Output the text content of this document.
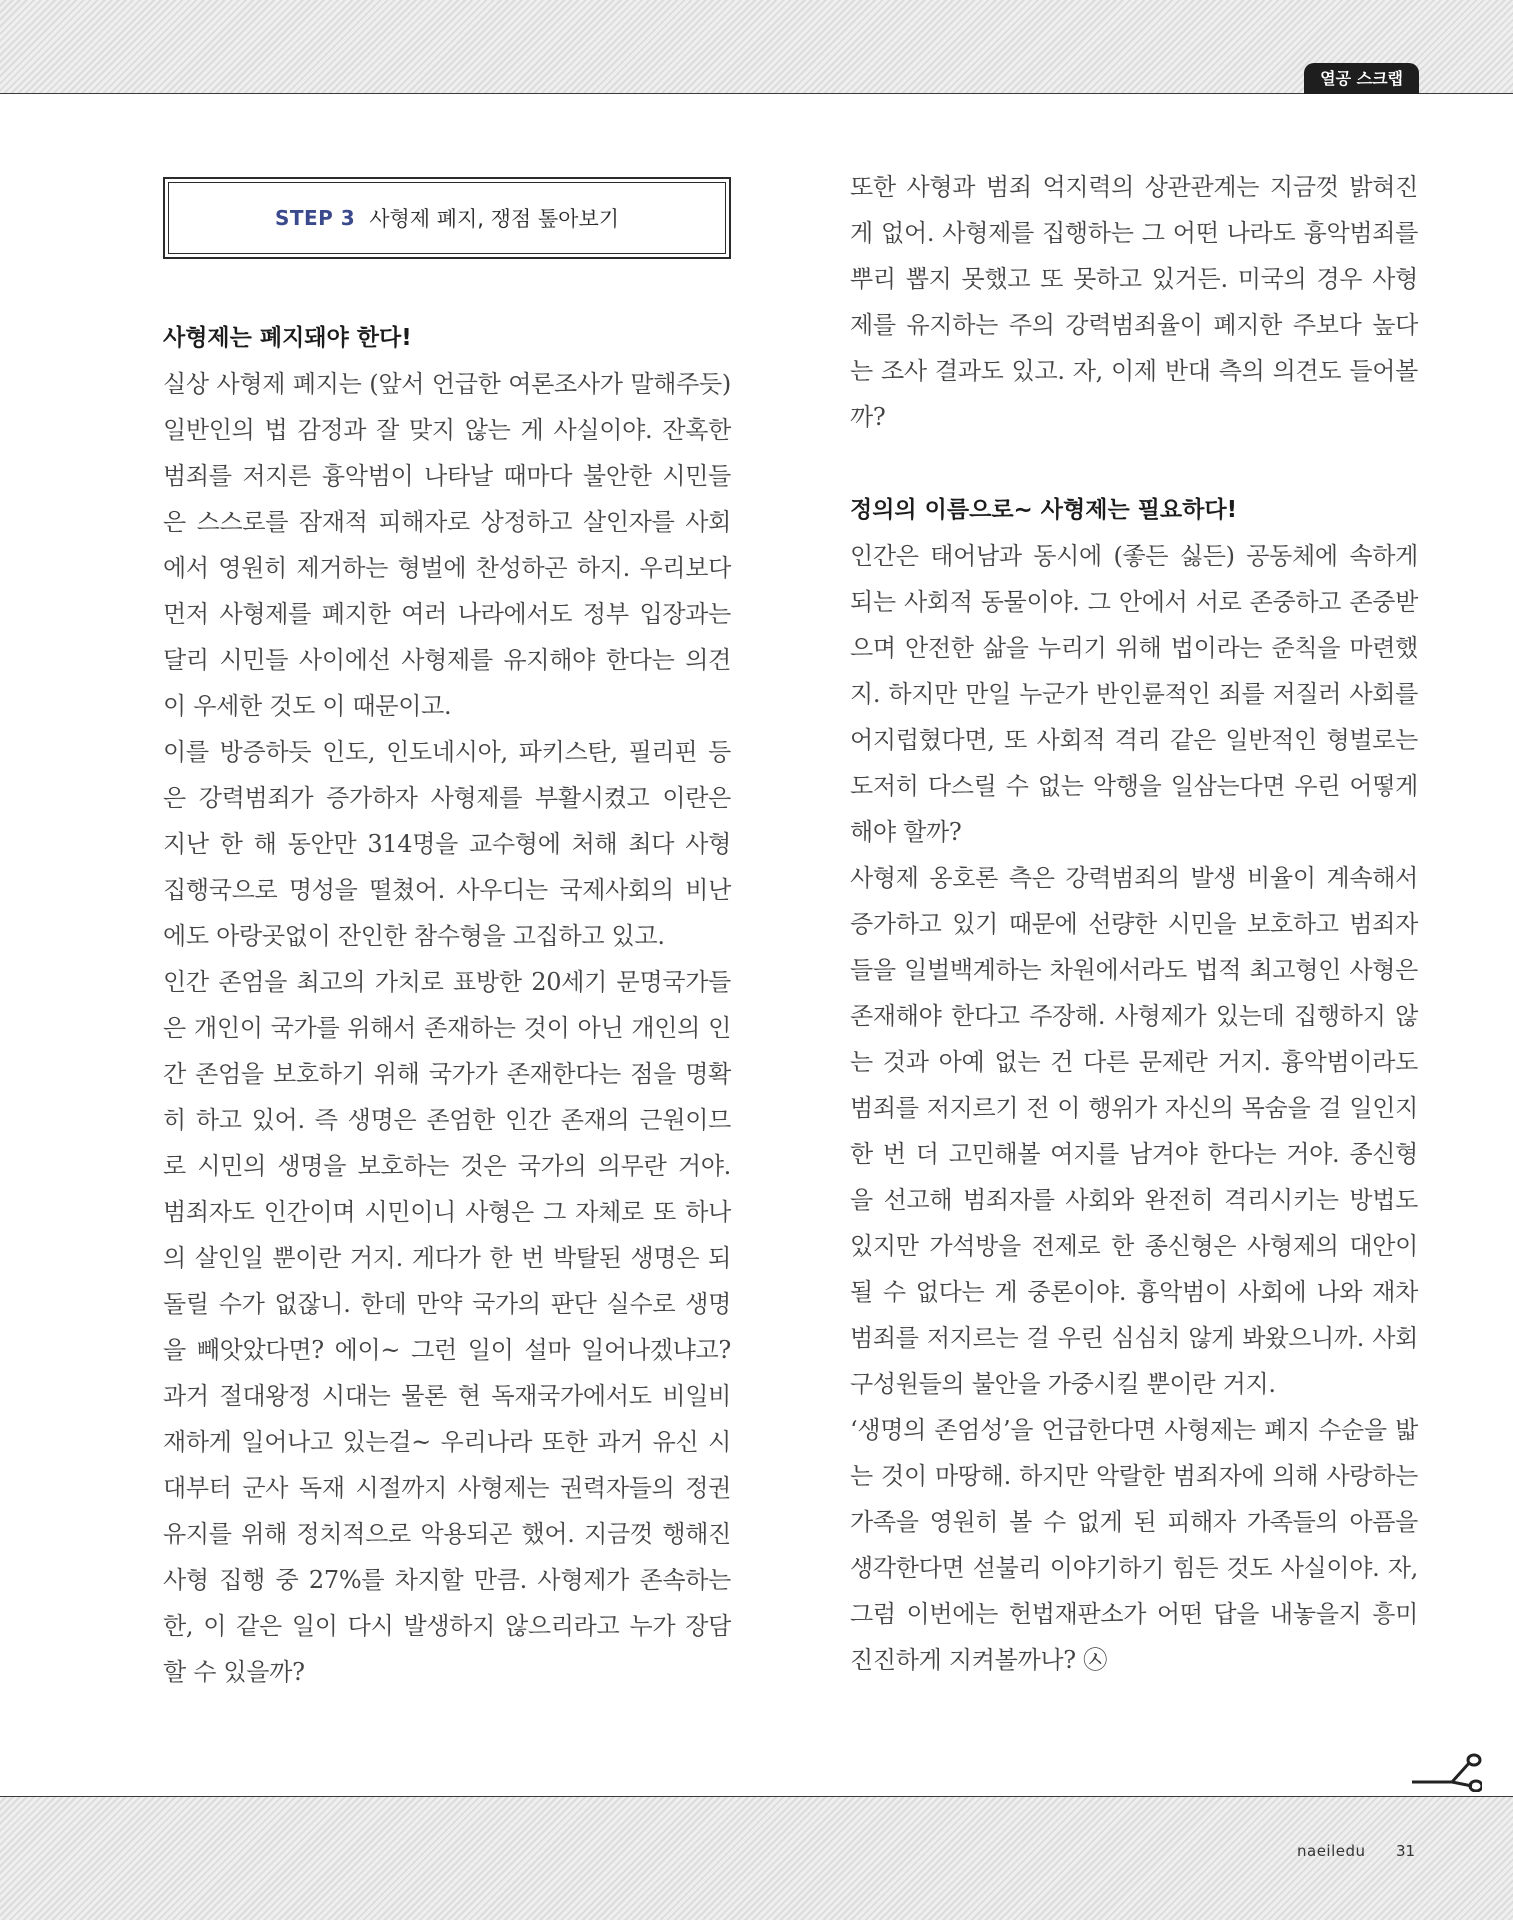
열공 스크랩
STEP 3 사형제 폐지, 쟁점 톺아보기
사형제는 폐지돼야 한다!

실상 사형제 폐지는 (앞서 언급한 여론조사가 말해주듯) 일반인의 법 감정과 잘 맞지 않는 게 사실이야. 잔혹한 범죄를 저지른 흉악범이 나타날 때마다 불안한 시민들은 스스로를 잠재적 피해자로 상정하고 살인자를 사회에서 영원히 제거하는 형벌에 찬성하곤 하지. 우리보다 먼저 사형제를 폐지한 여러 나라에서도 정부 입장과는 달리 시민들 사이에선 사형제를 유지해야 한다는 의견이 우세한 것도 이 때문이고.

이를 방증하듯 인도, 인도네시아, 파키스탄, 필리핀 등은 강력범죄가 증가하자 사형제를 부활시켰고 이란은 지난 한 해 동안만 314명을 교수형에 처해 최다 사형 집행국으로 명성을 떨쳤어. 사우디는 국제사회의 비난에도 아랑곳없이 잔인한 참수형을 고집하고 있고.

인간 존엄을 최고의 가치로 표방한 20세기 문명국가들은 개인이 국가를 위해서 존재하는 것이 아닌 개인의 인간 존엄을 보호하기 위해 국가가 존재한다는 점을 명확히 하고 있어. 즉 생명은 존엄한 인간 존재의 근원이므로 시민의 생명을 보호하는 것은 국가의 의무란 거야. 범죄자도 인간이며 시민이니 사형은 그 자체로 또 하나의 살인일 뿐이란 거지. 게다가 한 번 박탈된 생명은 되돌릴 수가 없잖니. 한데 만약 국가의 판단 실수로 생명을 빼앗았다면? 에이~ 그런 일이 설마 일어나겠냐고? 과거 절대왕정 시대는 물론 현 독재국가에서도 비일비재하게 일어나고 있는걸~ 우리나라 또한 과거 유신 시대부터 군사 독재 시절까지 사형제는 권력자들의 정권 유지를 위해 정치적으로 악용되곤 했어. 지금껏 행해진 사형 집행 중 27%를 차지할 만큼. 사형제가 존속하는 한, 이 같은 일이 다시 발생하지 않으리라고 누가 장담할 수 있을까?

또한 사형과 범죄 억지력의 상관관계는 지금껏 밝혀진 게 없어. 사형제를 집행하는 그 어떤 나라도 흉악범죄를 뿌리 뽑지 못했고 또 못하고 있거든. 미국의 경우 사형제를 유지하는 주의 강력범죄율이 폐지한 주보다 높다는 조사 결과도 있고. 자, 이제 반대 측의 의견도 들어볼까?

정의의 이름으로~ 사형제는 필요하다!

인간은 태어남과 동시에 (좋든 싫든) 공동체에 속하게 되는 사회적 동물이야. 그 안에서 서로 존중하고 존중받으며 안전한 삶을 누리기 위해 법이라는 준칙을 마련했지. 하지만 만일 누군가 반인륜적인 죄를 저질러 사회를 어지럽혔다면, 또 사회적 격리 같은 일반적인 형벌로는 도저히 다스릴 수 없는 악행을 일삼는다면 우린 어떻게 해야 할까?

사형제 옹호론 측은 강력범죄의 발생 비율이 계속해서 증가하고 있기 때문에 선량한 시민을 보호하고 범죄자들을 일벌백계하는 차원에서라도 법적 최고형인 사형은 존재해야 한다고 주장해. 사형제가 있는데 집행하지 않는 것과 아예 없는 건 다른 문제란 거지. 흉악범이라도 범죄를 저지르기 전 이 행위가 자신의 목숨을 걸 일인지 한 번 더 고민해볼 여지를 남겨야 한다는 거야. 종신형을 선고해 범죄자를 사회와 완전히 격리시키는 방법도 있지만 가석방을 전제로 한 종신형은 사형제의 대안이 될 수 없다는 게 중론이야. 흉악범이 사회에 나와 재차 범죄를 저지르는 걸 우린 심심치 않게 봐왔으니까. 사회 구성원들의 불안을 가중시킬 뿐이란 거지.

‘생명의 존엄성’을 언급한다면 사형제는 폐지 수순을 밟는 것이 마땅해. 하지만 악랄한 범죄자에 의해 사랑하는 가족을 영원히 볼 수 없게 된 피해자 가족들의 아픔을 생각한다면 섣불리 이야기하기 힘든 것도 사실이야. 자, 그럼 이번에는 헌법재판소가 어떤 답을 내놓을지 흥미진진하게 지켜볼까나? ㉦

naeiledu 31
